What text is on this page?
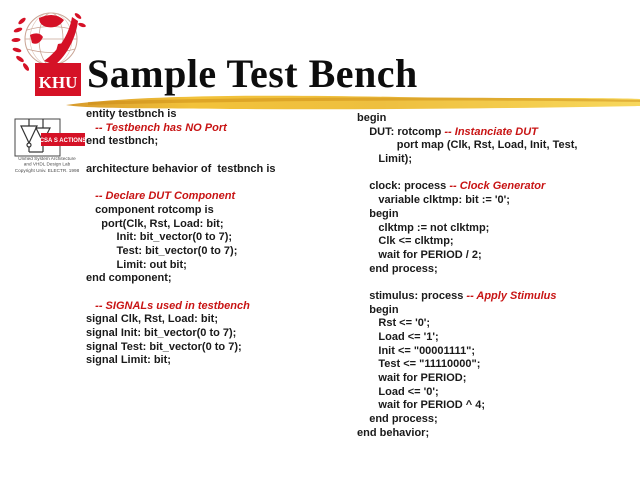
KHU Sample Test Bench
CSA S ACTIONS
Unified System Architecture
and VHDL Design Lab
Copyright Univ. ELECTR. 1998
entity testbnch is
-- Testbench has NO Port
end testbnch;

architecture behavior of  testbnch is

-- Declare DUT Component
component rotcomp is
port(Clk, Rst, Load: bit;
Init: bit_vector(0 to 7);
Test: bit_vector(0 to 7);
Limit: out bit;
end component;

-- SIGNALs used in testbench
signal Clk, Rst, Load: bit;
signal Init: bit_vector(0 to 7);
signal Test: bit_vector(0 to 7);
signal Limit: bit;
begin
DUT: rotcomp -- Instanciate DUT
port map (Clk, Rst, Load, Init, Test,
Limit);

clock: process -- Clock Generator
variable clktmp: bit := '0';
begin
clktmp := not clktmp;
Clk <= clktmp;
wait for PERIOD / 2;
end process;

stimulus: process -- Apply Stimulus
begin
Rst <= '0';
Load <= '1';
Init <= "00001111";
Test <= "11110000";
wait for PERIOD;
Load <= '0';
wait for PERIOD ^ 4;
end process;
end behavior;
